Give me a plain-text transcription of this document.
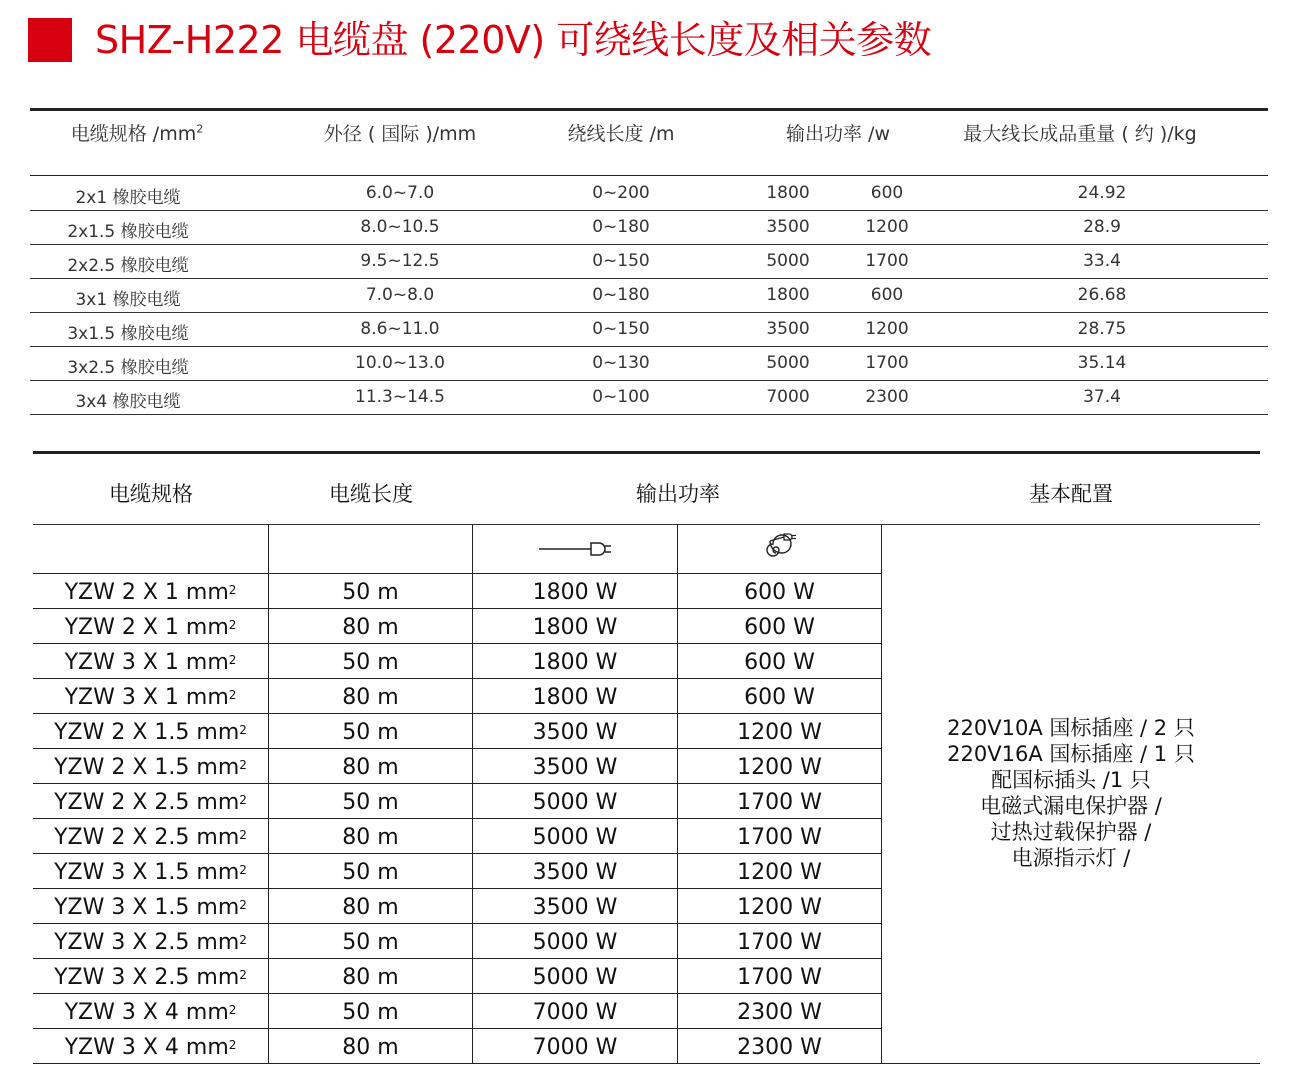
SHZ-H222 电缆盘 (220V) 可绕线长度及相关参数
电缆规格 $/mm^2$	外径 ( 国际 )/mm	绕线长度 /m	输出功率 /w	最大线长成品重量 ( 约 )/kg
2x1 橡胶电缆	6.0~7.0	0~200	1800	600	24.92
2x1.5 橡胶电缆	8.0~10.5	0~180	3500	1200	28.9
2x2.5 橡胶电缆	9.5~12.5	0~150	5000	1700	33.4
3x1 橡胶电缆	7.0~8.0	0~180	1800	600	26.68
3x1.5 橡胶电缆	8.6~11.0	0~150	3500	1200	28.75
3x2.5 橡胶电缆	10.0~13.0	0~130	5000	1700	35.14
3x4 橡胶电缆	11.3~14.5	0~100	7000	2300	37.4
电缆规格	电缆长度	输出功率	基本配置
220V10A 国标插座 / 2 只
220V16A 国标插座 / 1 只
配国标插头 /1 只
电磁式漏电保护器 /
过热过载保护器 /
电源指示灯 /
YZW 2 X 1 $mm^2$	50 m	1800 W	600 W
YZW 2 X 1 $mm^2$	80 m	1800 W	600 W
YZW 3 X 1 $mm^2$	50 m	1800 W	600 W
YZW 3 X 1 $mm^2$	80 m	1800 W	600 W
YZW 2 X 1.5 $mm^2$	50 m	3500 W	1200 W
YZW 2 X 1.5 $mm^2$	80 m	3500 W	1200 W
YZW 2 X 2.5 $mm^2$	50 m	5000 W	1700 W
YZW 2 X 2.5 $mm^2$	80 m	5000 W	1700 W
YZW 3 X 1.5 $mm^2$	50 m	3500 W	1200 W
YZW 3 X 1.5 $mm^2$	80 m	3500 W	1200 W
YZW 3 X 2.5 $mm^2$	50 m	5000 W	1700 W
YZW 3 X 2.5 $mm^2$	80 m	5000 W	1700 W
YZW 3 X 4 $mm^2$	50 m	7000 W	2300 W
YZW 3 X 4 $mm^2$	80 m	7000 W	2300 W
